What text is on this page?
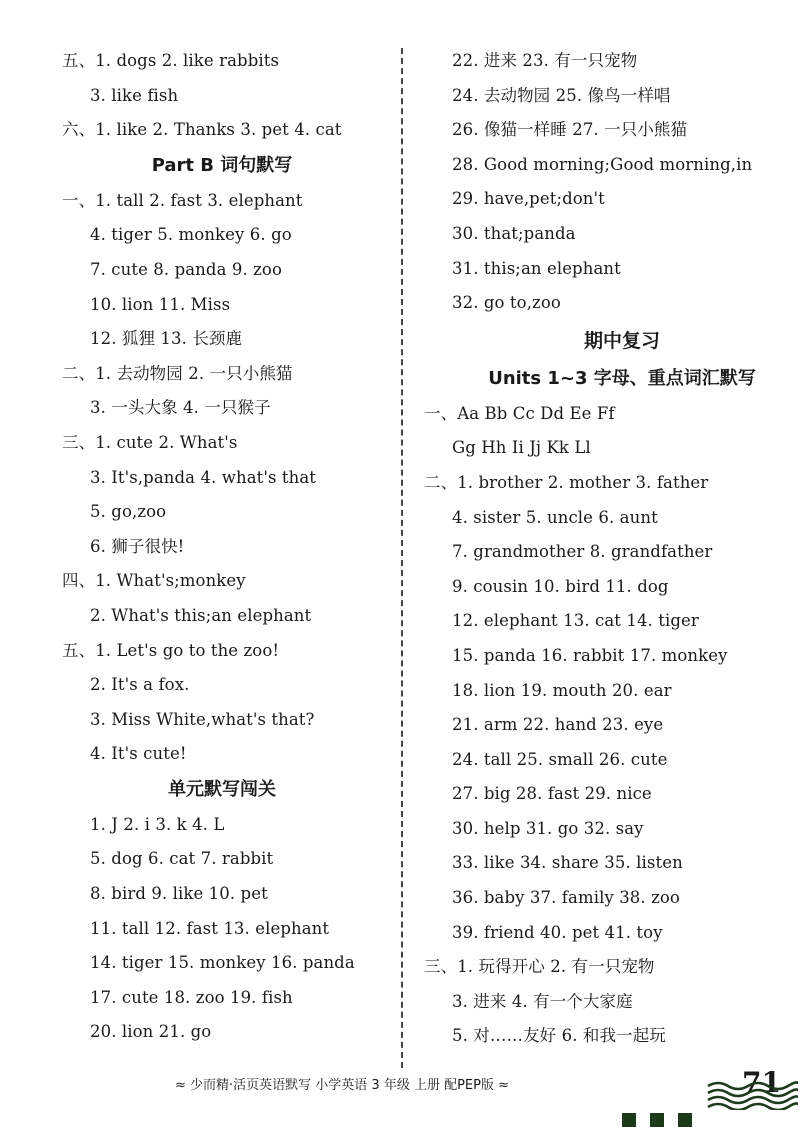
五、1. dogs 2. like rabbits
3. like fish
六、1. like 2. Thanks 3. pet 4. cat
Part B 词句默写
一、1. tall 2. fast 3. elephant
4. tiger 5. monkey 6. go
7. cute 8. panda 9. zoo
10. lion 11. Miss
12. 狐狸 13. 长颈鹿
二、1. 去动物园 2. 一只小熊猫
3. 一头大象 4. 一只猴子
三、1. cute 2. What's
3. It's,panda 4. what's that
5. go,zoo
6. 狮子很快!
四、1. What's;monkey
2. What's this;an elephant
五、1. Let's go to the zoo!
2. It's a fox.
3. Miss White,what's that?
4. It's cute!
单元默写闯关
1. J 2. i 3. k 4. L
5. dog 6. cat 7. rabbit
8. bird 9. like 10. pet
11. tall 12. fast 13. elephant
14. tiger 15. monkey 16. panda
17. cute 18. zoo 19. fish
20. lion 21. go
22. 进来 23. 有一只宠物
24. 去动物园 25. 像鸟一样唱
26. 像猫一样睡 27. 一只小熊猫
28. Good morning;Good morning,in
29. have,pet;don't
30. that;panda
31. this;an elephant
32. go to,zoo
期中复习
Units 1~3 字母、重点词汇默写
一、Aa Bb Cc Dd Ee Ff
Gg Hh Ii Jj Kk Ll
二、1. brother 2. mother 3. father
4. sister 5. uncle 6. aunt
7. grandmother 8. grandfather
9. cousin 10. bird 11. dog
12. elephant 13. cat 14. tiger
15. panda 16. rabbit 17. monkey
18. lion 19. mouth 20. ear
21. arm 22. hand 23. eye
24. tall 25. small 26. cute
27. big 28. fast 29. nice
30. help 31. go 32. say
33. like 34. share 35. listen
36. baby 37. family 38. zoo
39. friend 40. pet 41. toy
三、1. 玩得开心 2. 有一只宠物
3. 进来 4. 有一个大家庭
5. 对……友好 6. 和我一起玩
≈ 少而精·活页英语默写 小学英语 3 年级 上册 配PEP版 ≈	71
